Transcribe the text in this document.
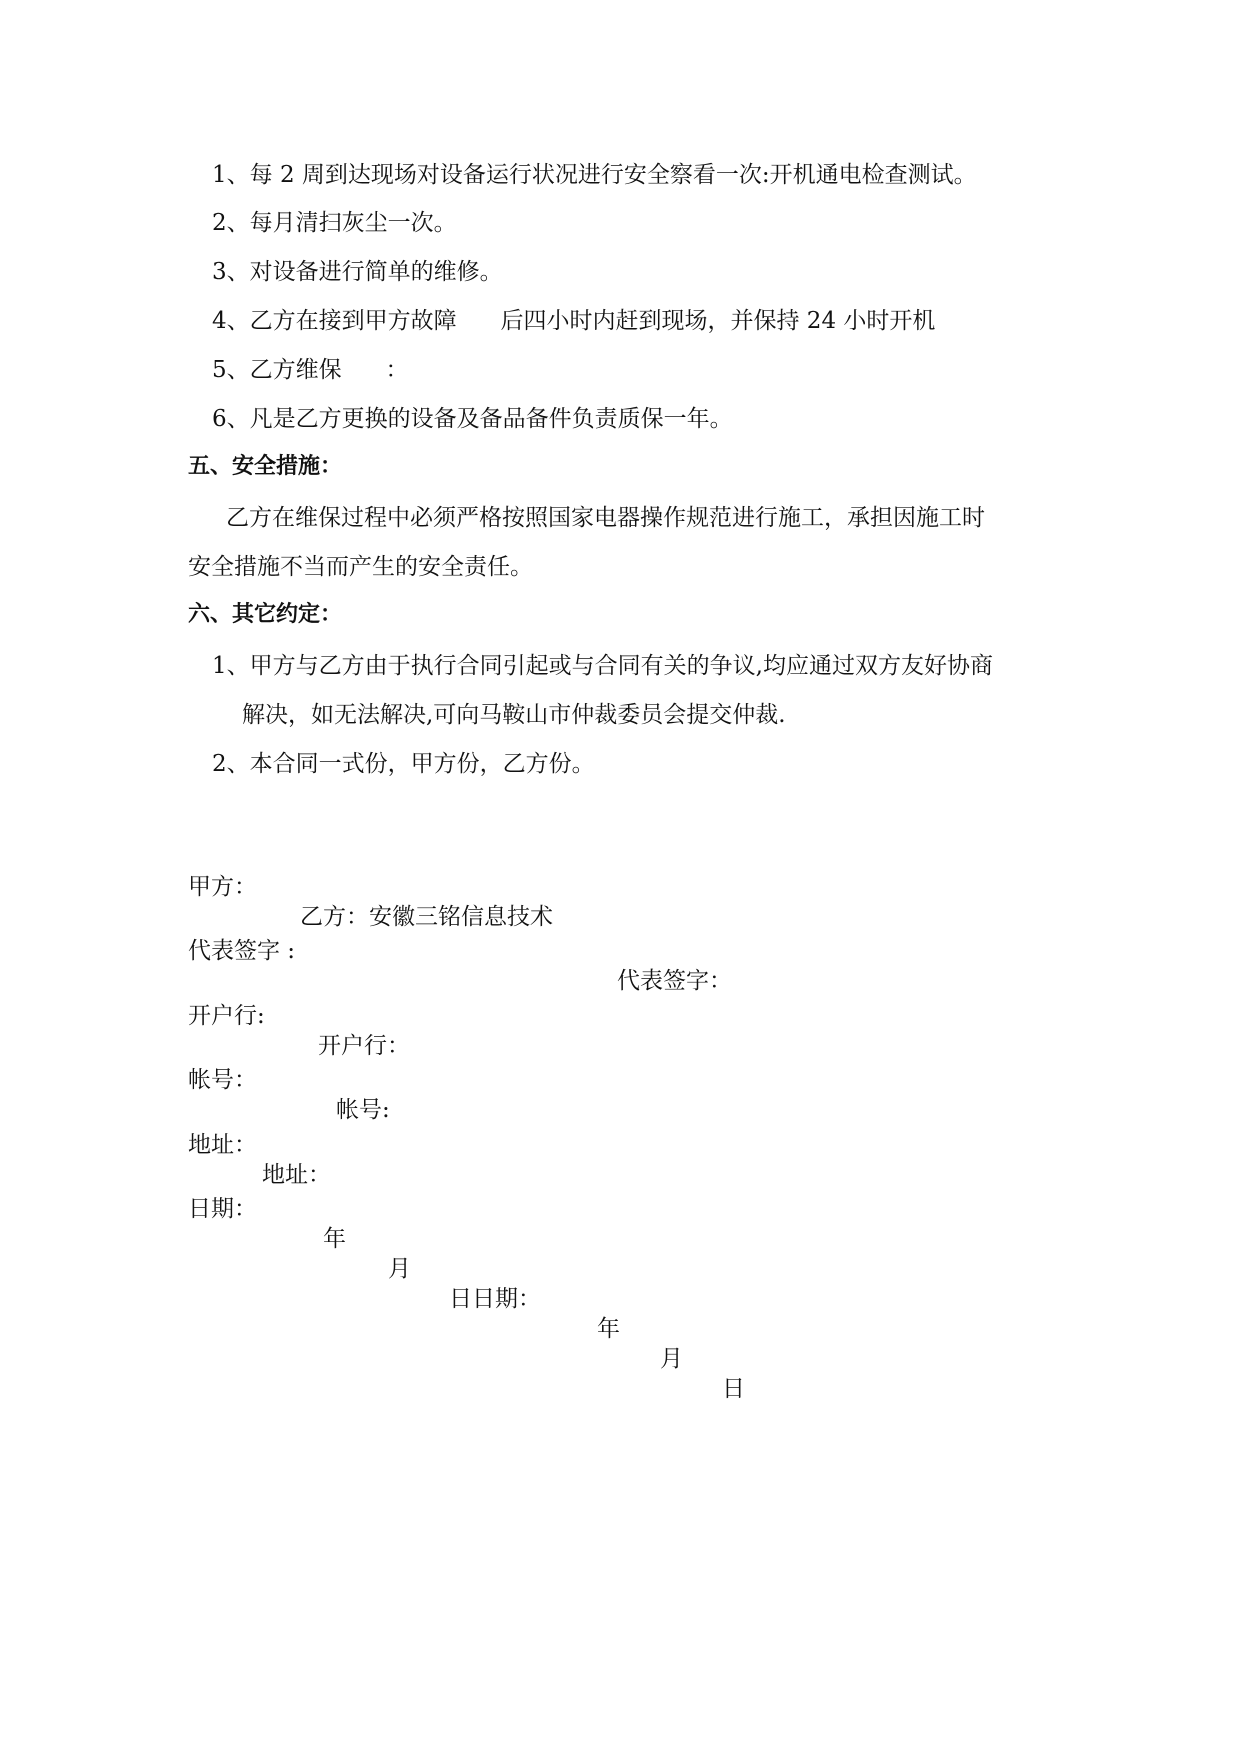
1、每 2 周到达现场对设备运行状况进行安全察看一次:开机通电检查测试。
2、每月清扫灰尘一次。
3、对设备进行简单的维修。
4、乙方在接到甲方故障      后四小时内赶到现场，并保持 24 小时开机
5、乙方维保      ：
6、凡是乙方更换的设备及备品备件负责质保一年。
五、安全措施：
乙方在维保过程中必须严格按照国家电器操作规范进行施工，承担因施工时
安全措施不当而产生的安全责任。
六、其它约定：
1、甲方与乙方由于执行合同引起或与合同有关的争议,均应通过双方友好协商
解决，如无法解决,可向马鞍山市仲裁委员会提交仲裁.
2、本合同一式份，甲方份，乙方份。

甲方：

乙方：安徽三铭信息技术

代表签字 :

代表签字：

开户行:

开户行：

帐号：

帐号:

地址：

地址：

日期：

年

月

日日期：

年

月

日
